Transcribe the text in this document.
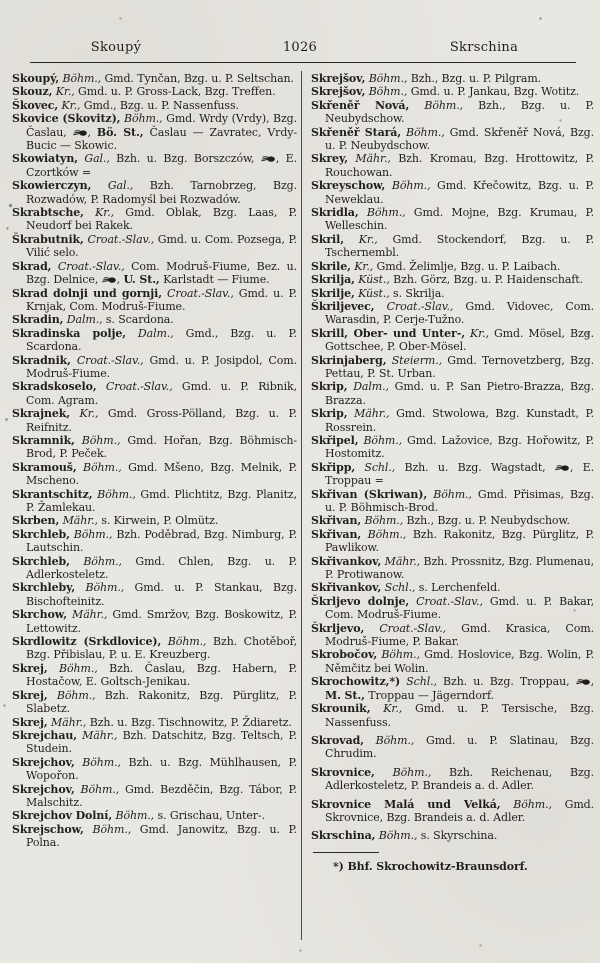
Skoupý	1026	Skrschina

Skoupý, Böhm., Gmd. Tynčan, Bzg. u. P. Seltschan.

Skouz, Kr., Gmd. u. P. Gross-Lack, Bzg. Treffen.

Škovec, Kr., Gmd., Bzg. u. P. Nassenfuss.

Skovice (Skovitz), Böhm., Gmd. Wrdy (Vrdy), Bzg. Časlau,
, Bö. St., Časlau — Zavratec, Vrdy-Bucic — Skowic.

Skowiatyn, Gal., Bzh. u. Bzg. Borszczów,
, E. Czortków =

Skowierczyn, Gal., Bzh. Tarnobrzeg, Bzg. Rozwadów, P. Radomyśl bei Rozwadów.

Skrabtsche, Kr., Gmd. Oblak, Bzg. Laas, P. Neudorf bei Rakek.

Škrabutnik, Croat.-Slav., Gmd. u. Com. Pozsega, P. Vilić selo.

Skrad, Croat.-Slav., Com. Modruš-Fiume, Bez. u. Bzg. Delnice,
, U. St., Karlstadt — Fiume.

Skrad dolnji und gornji, Croat.-Slav., Gmd. u. P. Krnjak, Com. Modruš-Fiume.

Skradin, Dalm., s. Scardona.

Skradinska polje, Dalm., Gmd., Bzg. u. P. Scardona.

Skradnik, Croat.-Slav., Gmd. u. P. Josipdol, Com. Modruš-Fiume.

Skradskoselo, Croat.-Slav., Gmd. u. P. Ribnik, Com. Agram.

Skrajnek, Kr., Gmd. Gross-Pölland, Bzg. u. P. Reifnitz.

Skramnik, Böhm., Gmd. Hořan, Bzg. Böhmisch-Brod, P. Peček.

Skramouš, Böhm., Gmd. Mšeno, Bzg. Melnik, P. Mscheno.

Skrantschitz, Böhm., Gmd. Plichtitz, Bzg. Planitz, P. Žamlekau.

Skrben, Mähr., s. Kirwein, P. Olmütz.

Skrchleb, Böhm., Bzh. Poděbrad, Bzg. Nimburg, P. Lautschin.

Skrchleb, Böhm., Gmd. Chlen, Bzg. u. P. Adlerkosteletz.

Skrchleby, Böhm., Gmd. u. P. Stankau, Bzg. Bischofteinitz.

Skrchow, Mähr., Gmd. Smržov, Bzg. Boskowitz, P. Lettowitz.

Skrdlowitz (Srkdlovice), Böhm., Bzh. Chotěboř, Bzg. Přibislau, P. u. E. Kreuzberg.

Skrej, Böhm., Bzh. Časlau, Bzg. Habern, P. Hostačow, E. Goltsch-Jenikau.

Skrej, Böhm., Bzh. Rakonitz, Bzg. Pürglitz, P. Slabetz.

Skrej, Mähr., Bzh. u. Bzg. Tischnowitz, P. Ždiaretz.

Skrejchau, Mähr., Bzh. Datschitz, Bzg. Teltsch, P. Studein.

Skrejchov, Böhm., Bzh. u. Bzg. Mühlhausen, P. Wopořon.

Skrejchov, Böhm., Gmd. Bezděčin, Bzg. Tábor, P. Malschitz.

Skrejchov Dolní, Böhm., s. Grischau, Unter-.

Skrejschow, Böhm., Gmd. Janowitz, Bzg. u. P. Polna.

Skrejšov, Böhm., Bzh., Bzg. u. P. Pilgram.

Skrejšov, Böhm., Gmd. u. P. Jankau, Bzg. Wotitz.

Skřeněř Nová, Böhm., Bzh., Bzg. u. P. Neubydschow.

Skřeněř Stará, Böhm., Gmd. Skřeněř Nová, Bzg. u. P. Neubydschow.

Skrey, Mähr., Bzh. Kromau, Bzg. Hrottowitz, P. Rouchowan.

Skreyschow, Böhm., Gmd. Křečowitz, Bzg. u. P. Neweklau.

Skridla, Böhm., Gmd. Mojne, Bzg. Krumau, P. Welleschin.

Skril, Kr., Gmd. Stockendorf, Bzg. u. P. Tschernembl.

Skrile, Kr., Gmd. Želimlje, Bzg. u. P. Laibach.

Skrilja, Küst., Bzh. Görz, Bzg. u. P. Haidenschaft.

Skrilje, Küst., s. Skrilja.

Škriljevec, Croat.-Slav., Gmd. Vidovec, Com. Warasdin, P. Cerje-Tužno.

Skrill, Ober- und Unter-, Kr., Gmd. Mösel, Bzg. Gottschee, P. Ober-Mösel.

Skrinjaberg, Steierm., Gmd. Ternovetzberg, Bzg. Pettau, P. St. Urban.

Skrip, Dalm., Gmd. u. P. San Pietro-Brazza, Bzg. Brazza.

Skrip, Mähr., Gmd. Stwolowa, Bzg. Kunstadt, P. Rossrein.

Skřipel, Böhm., Gmd. Lažovice, Bzg. Hořowitz, P. Hostomitz.

Skřipp, Schl., Bzh. u. Bzg. Wagstadt,
, E. Troppau =

Skřivan (Skriwan), Böhm., Gmd. Přisimas, Bzg. u. P. Böhmisch-Brod.

Skřivan, Böhm., Bzh., Bzg. u. P. Neubydschow.

Skřivan, Böhm., Bzh. Rakonitz, Bzg. Pürglitz, P. Pawlikow.

Skřivankov, Mähr., Bzh. Prossnitz, Bzg. Plumenau, P. Protiwanow.

Skřivankov, Schl., s. Lerchenfeld.

Škrljevo dolnje, Croat.-Slav., Gmd. u. P. Bakar, Com. Modruš-Fiume.

Škrljevo, Croat.-Slav., Gmd. Krasica, Com. Modruš-Fiume, P. Bakar.

Skrobočov, Böhm., Gmd. Hoslovice, Bzg. Wolin, P. Němčitz bei Wolin.

Skrochowitz,*) Schl., Bzh. u. Bzg. Troppau,
, M. St., Troppau — Jägerndorf.

Skrounik, Kr., Gmd. u. P. Tersische, Bzg. Nassenfuss.

Skrovad, Böhm., Gmd. u. P. Slatinau, Bzg. Chrudim.

Skrovnice, Böhm., Bzh. Reichenau, Bzg. Adlerkosteletz, P. Brandeis a. d. Adler.

Skrovnice Malá und Velká, Böhm., Gmd. Skrovnice, Bzg. Brandeis a. d. Adler.

Skrschina, Böhm., s. Skyrschina.

*) Bhf. Skrochowitz-Braunsdorf.
